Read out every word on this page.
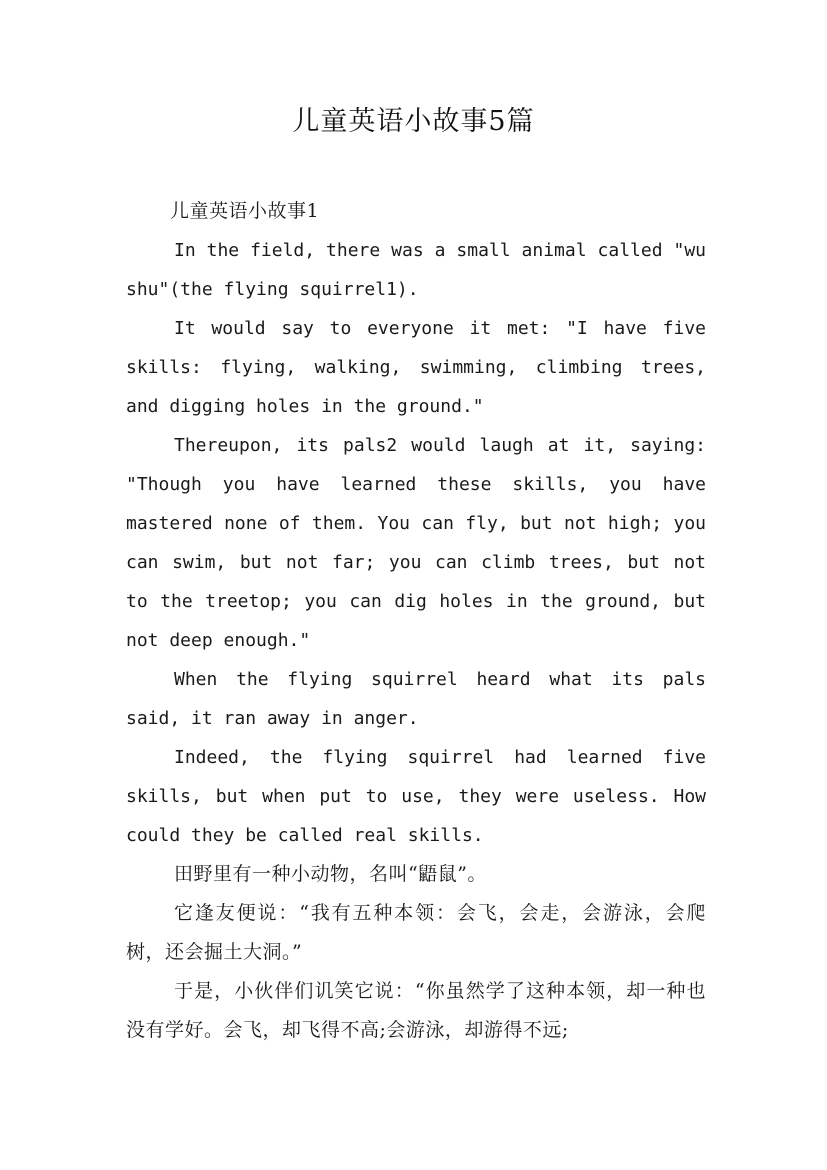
儿童英语小故事5篇

儿童英语小故事1

In the field, there was a small animal called "wu shu"(the flying squirrel1).

It would say to everyone it met: "I have five skills: flying, walking, swimming, climbing trees, and digging holes in the ground."

Thereupon, its pals2 would laugh at it, saying: "Though you have learned these skills, you have mastered none of them. You can fly, but not high; you can swim, but not far; you can climb trees, but not to the treetop; you can dig holes in the ground, but not deep enough."

When the flying squirrel heard what its pals said, it ran away in anger.

Indeed, the flying squirrel had learned five skills, but when put to use, they were useless. How could they be called real skills.

田野里有一种小动物，名叫“鼯鼠”。

它逢友便说：“我有五种本领：会飞，会走，会游泳，会爬树，还会掘土大洞。”

于是，小伙伴们讥笑它说：“你虽然学了这种本领，却一种也没有学好。会飞，却飞得不高;会游泳，却游得不远;
